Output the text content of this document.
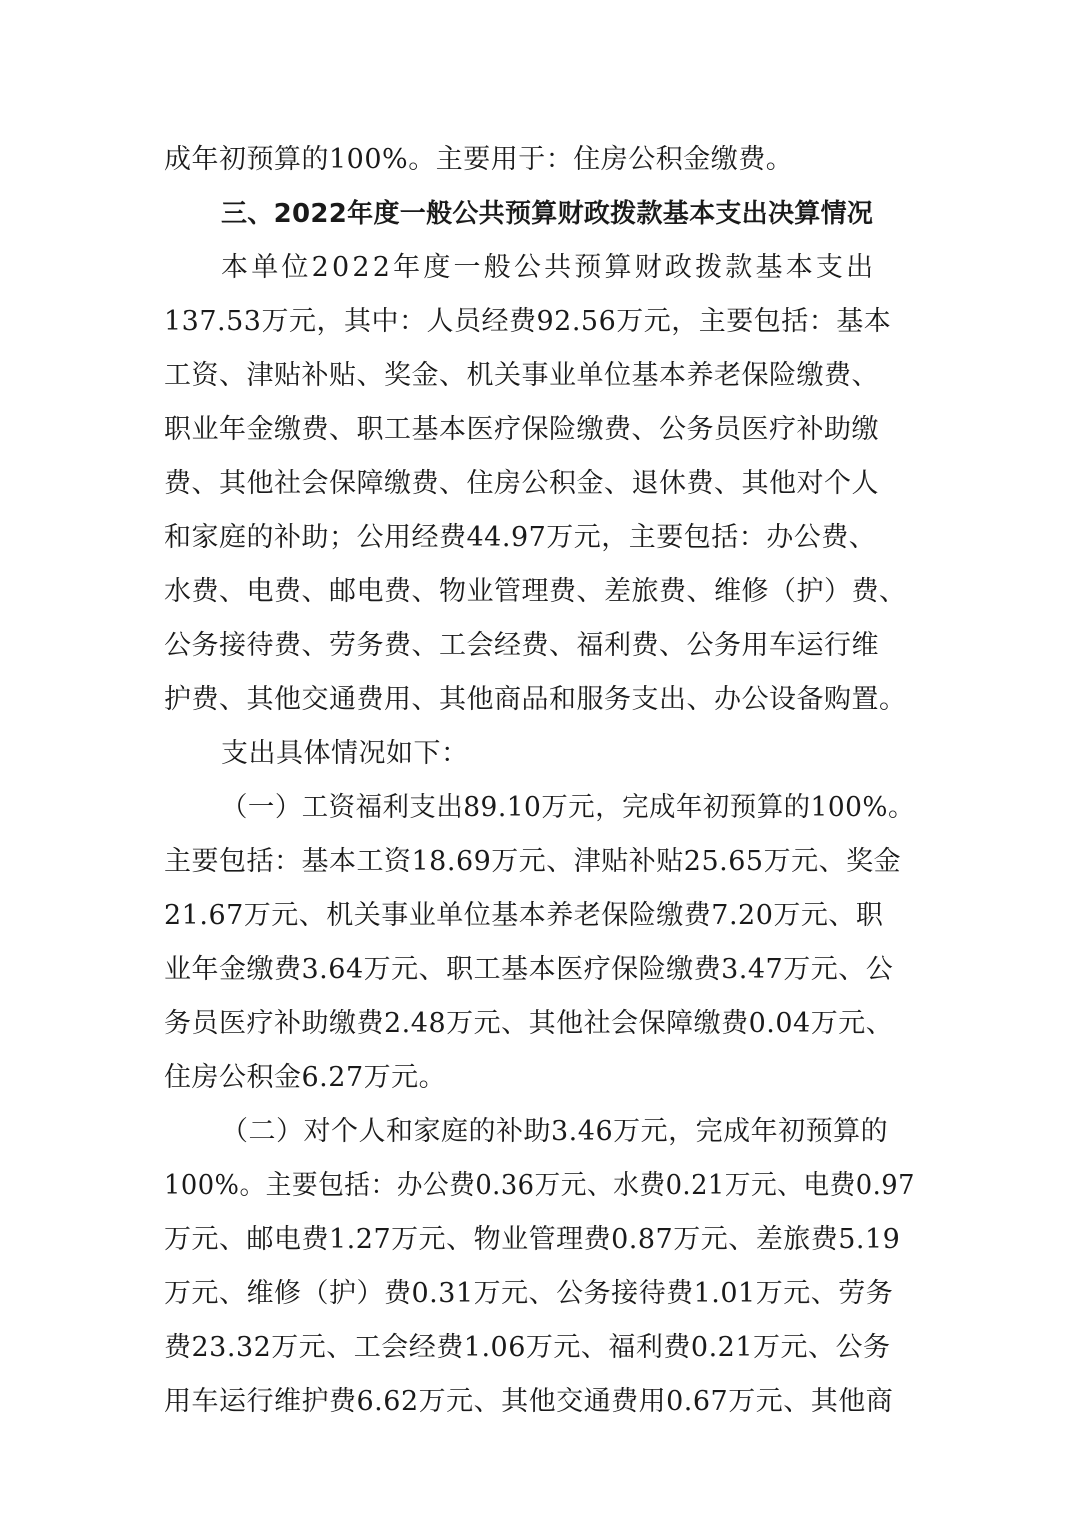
成年初预算的100%。主要用于：住房公积金缴费。
三、2022年度一般公共预算财政拨款基本支出决算情况
本单位2022年度一般公共预算财政拨款基本支出
137.53万元，其中：人员经费92.56万元，主要包括：基本
工资、津贴补贴、奖金、机关事业单位基本养老保险缴费、
职业年金缴费、职工基本医疗保险缴费、公务员医疗补助缴
费、其他社会保障缴费、住房公积金、退休费、其他对个人
和家庭的补助；公用经费44.97万元，主要包括：办公费、
水费、电费、邮电费、物业管理费、差旅费、维修（护）费、
公务接待费、劳务费、工会经费、福利费、公务用车运行维
护费、其他交通费用、其他商品和服务支出、办公设备购置。
支出具体情况如下：
（一）工资福利支出89.10万元，完成年初预算的100%。
主要包括：基本工资18.69万元、津贴补贴25.65万元、奖金
21.67万元、机关事业单位基本养老保险缴费7.20万元、职
业年金缴费3.64万元、职工基本医疗保险缴费3.47万元、公
务员医疗补助缴费2.48万元、其他社会保障缴费0.04万元、
住房公积金6.27万元。
（二）对个人和家庭的补助3.46万元，完成年初预算的
100%。主要包括：办公费0.36万元、水费0.21万元、电费0.97
万元、邮电费1.27万元、物业管理费0.87万元、差旅费5.19
万元、维修（护）费0.31万元、公务接待费1.01万元、劳务
费23.32万元、工会经费1.06万元、福利费0.21万元、公务
用车运行维护费6.62万元、其他交通费用0.67万元、其他商
